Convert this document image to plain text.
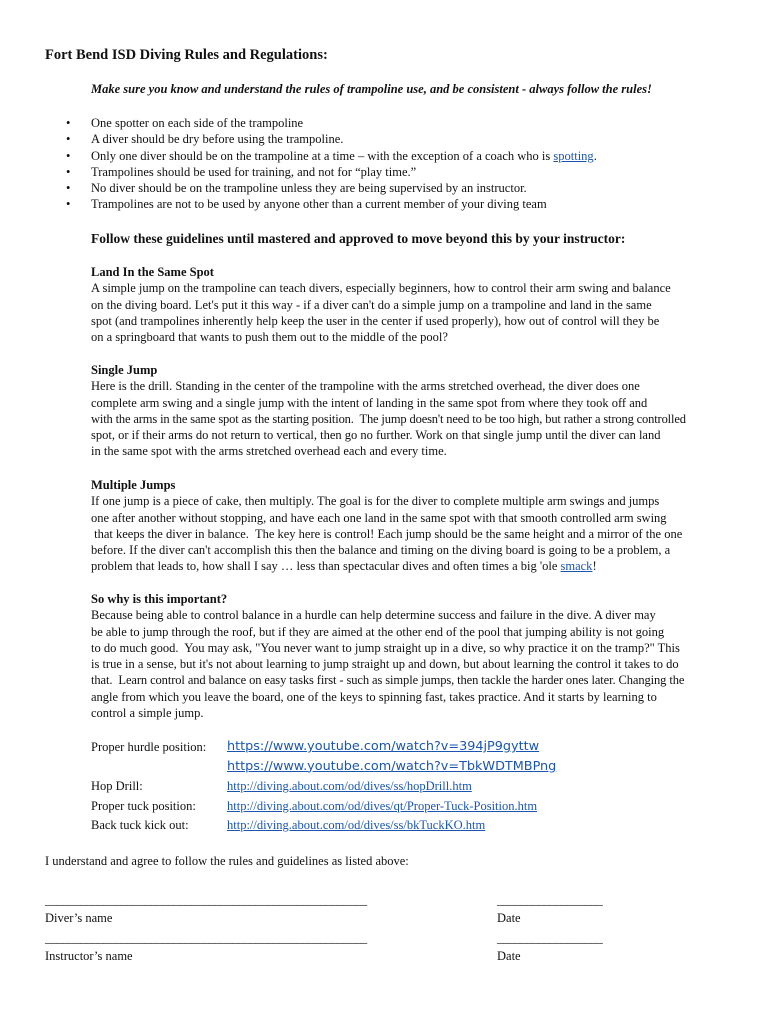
Fort Bend ISD Diving Rules and Regulations:
Make sure you know and understand the rules of trampoline use, and be consistent - always follow the rules!
• One spotter on each side of the trampoline
• A diver should be dry before using the trampoline.
• Only one diver should be on the trampoline at a time – with the exception of a coach who is spotting.
• Trampolines should be used for training, and not for “play time.”
• No diver should be on the trampoline unless they are being supervised by an instructor.
• Trampolines are not to be used by anyone other than a current member of your diving team
Follow these guidelines until mastered and approved to move beyond this by your instructor:
Land In the Same Spot
A simple jump on the trampoline can teach divers, especially beginners, how to control their arm swing and balance
on the diving board. Let's put it this way - if a diver can't do a simple jump on a trampoline and land in the same
spot (and trampolines inherently help keep the user in the center if used properly), how out of control will they be
on a springboard that wants to push them out to the middle of the pool?
Single Jump
Here is the drill. Standing in the center of the trampoline with the arms stretched overhead, the diver does one
complete arm swing and a single jump with the intent of landing in the same spot from where they took off and
with the arms in the same spot as the starting position.  The jump doesn't need to be too high, but rather a strong controlled
spot, or if their arms do not return to vertical, then go no further. Work on that single jump until the diver can land
in the same spot with the arms stretched overhead each and every time.
Multiple Jumps
If one jump is a piece of cake, then multiply. The goal is for the diver to complete multiple arm swings and jumps
one after another without stopping, and have each one land in the same spot with that smooth controlled arm swing
that keeps the diver in balance.  The key here is control! Each jump should be the same height and a mirror of the one
before. If the diver can't accomplish this then the balance and timing on the diving board is going to be a problem, a
problem that leads to, how shall I say … less than spectacular dives and often times a big 'ole smack!
So why is this important?
Because being able to control balance in a hurdle can help determine success and failure in the dive. A diver may
be able to jump through the roof, but if they are aimed at the other end of the pool that jumping ability is not going
to do much good.  You may ask, "You never want to jump straight up in a dive, so why practice it on the tramp?" This
is true in a sense, but it's not about learning to jump straight up and down, but about learning the control it takes to do
that.  Learn control and balance on easy tasks first - such as simple jumps, then tackle the harder ones later. Changing the
angle from which you leave the board, one of the keys to spinning fast, takes practice. And it starts by learning to
control a simple jump.
Proper hurdle position: https://www.youtube.com/watch?v=394jP9gyttw
https://www.youtube.com/watch?v=TbkWDTMBPng
Hop Drill:	http://diving.about.com/od/dives/ss/hopDrill.htm
Proper tuck position: http://diving.about.com/od/dives/qt/Proper-Tuck-Position.htm
Back tuck kick out:	http://diving.about.com/od/dives/ss/bkTuckKO.htm
I understand and agree to follow the rules and guidelines as listed above:
_______________________________________________________	__________________
Diver’s name	Date
_______________________________________________________	__________________
Instructor’s name	Date
